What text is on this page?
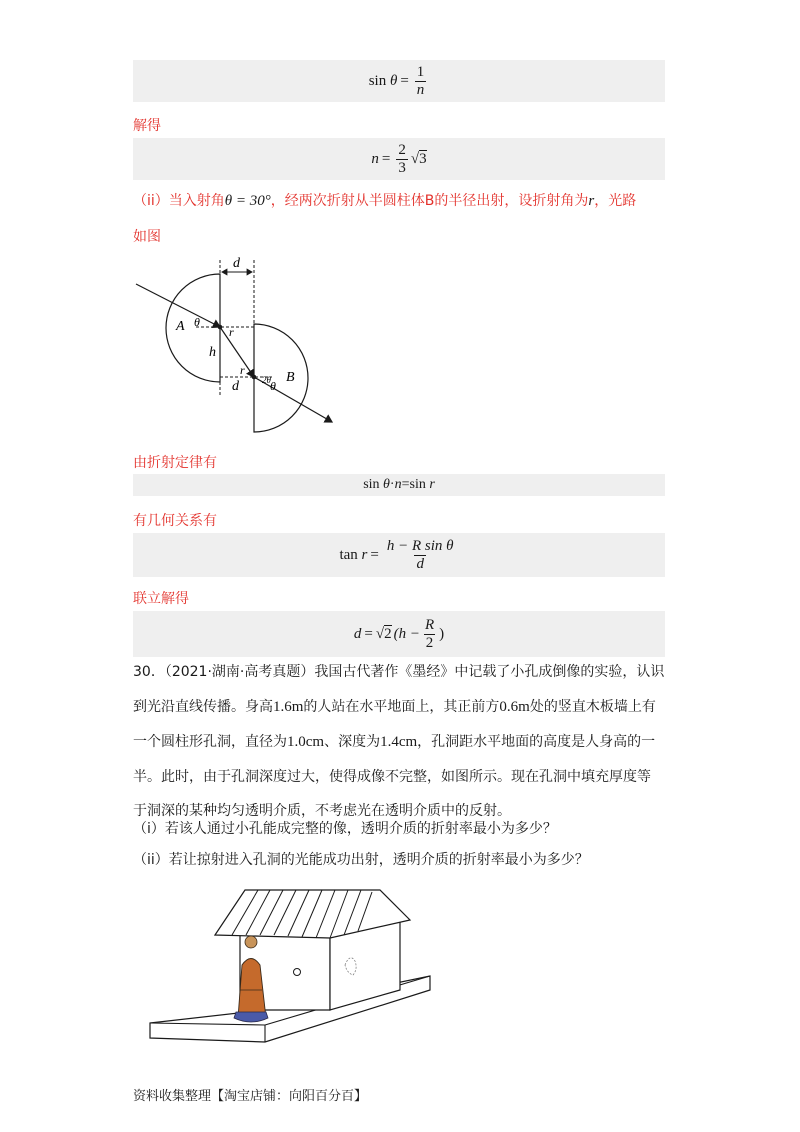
sin
$\theta = \frac{1}{n}$
解得
$n = \frac{2}{3} √3$
（ii）当入射角θ = 30°，经两次折射从半圆柱体B的半径出射，设折射角为r，光路
如图
d
A θ
r
h
r
d
B
2θ θ
由折射定律有
sin
θ · n = sin
r
有几何关系有
tan
$r = \frac{\text{h − R sin θ}}{d}$
联立解得
d = √2 ($h - \frac{R}{2}$ )
30．（2021·湖南·高考真题）我国古代著作《墨经》中记载了小孔成倒像的实验，认识
到光沿直线传播。身高1.6m的人站在水平地面上，其正前方0.6m处的竖直木板墙上有
一个圆柱形孔洞，直径为1.0cm、深度为1.4cm，孔洞距水平地面的高度是人身高的一
半。此时，由于孔洞深度过大，使得成像不完整，如图所示。现在孔洞中填充厚度等
于洞深的某种均匀透明介质，不考虑光在透明介质中的反射。
（i）若该人通过小孔能成完整的像，透明介质的折射率最小为多少？
（ii）若让掠射进入孔洞的光能成功出射，透明介质的折射率最小为多少？
资料收集整理【淘宝店铺：向阳百分百】
